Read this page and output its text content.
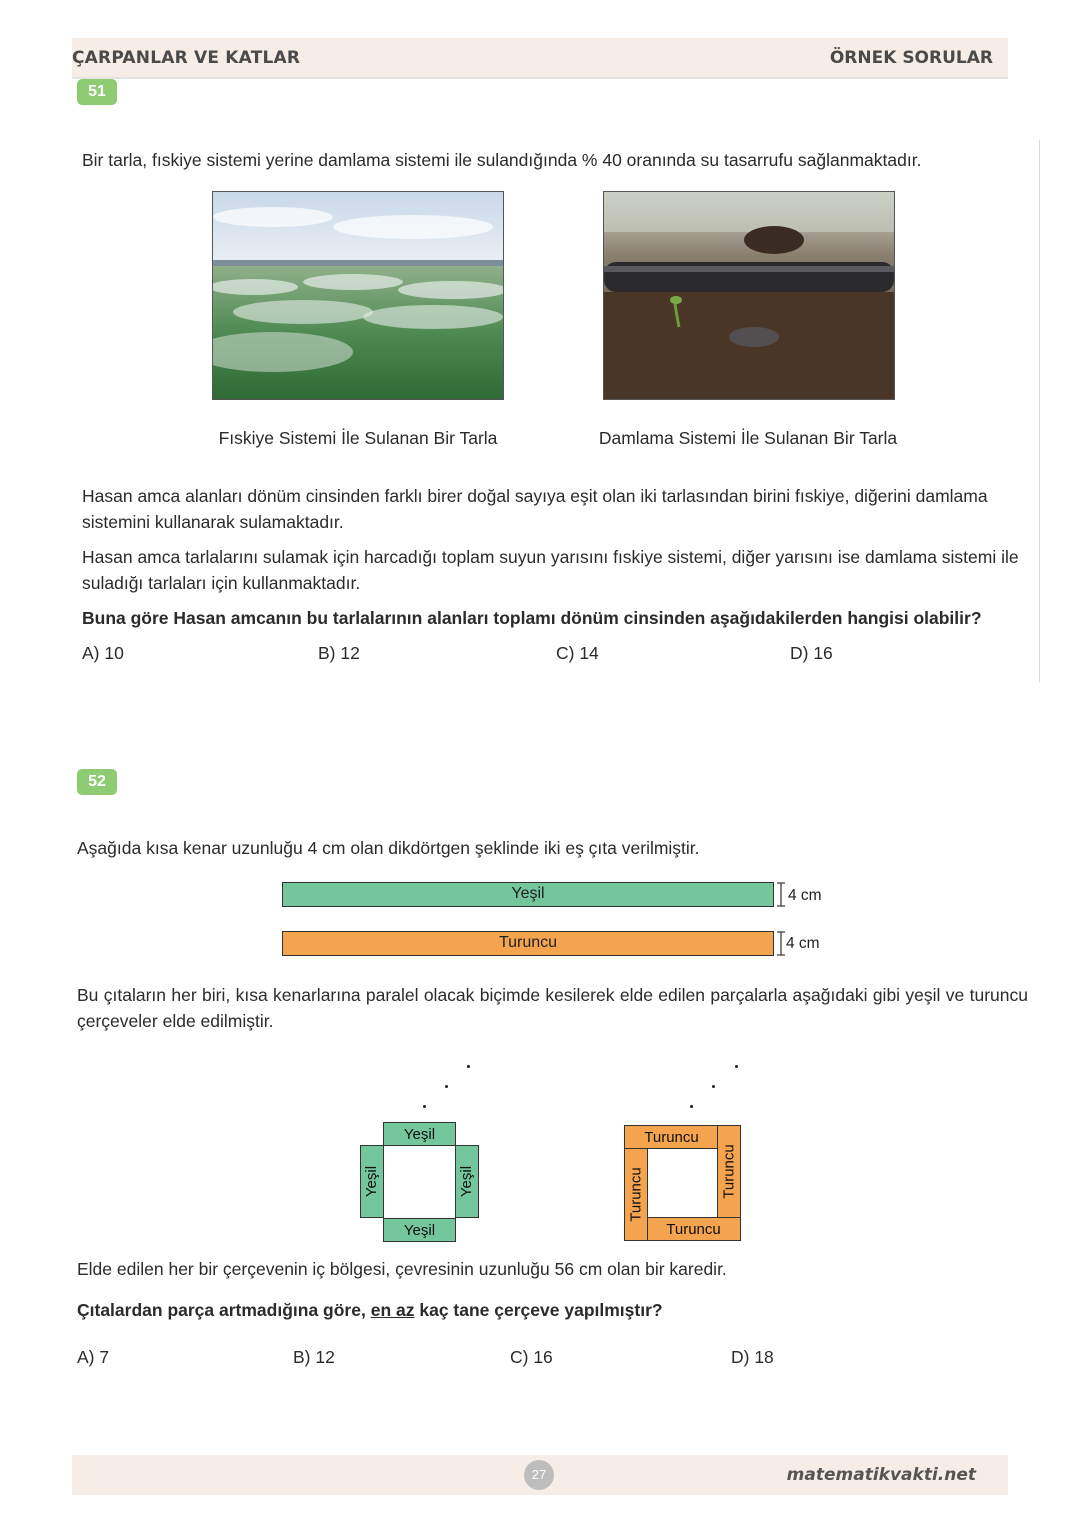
ÇARPANLAR VE KATLAR	ÖRNEK SORULAR
51
Bir tarla, fıskiye sistemi yerine damlama sistemi ile sulandığında % 40 oranında su tasarrufu sağlanmaktadır.
Fıskiye Sistemi İle Sulanan Bir Tarla	Damlama Sistemi İle Sulanan Bir Tarla
Hasan amca alanları dönüm cinsinden farklı birer doğal sayıya eşit olan iki tarlasından birini fıskiye, diğerini damlama sistemini kullanarak sulamaktadır.
Hasan amca tarlalarını sulamak için harcadığı toplam suyun yarısını fıskiye sistemi, diğer yarısını ise damlama sistemi ile suladığı tarlaları için kullanmaktadır.
Buna göre Hasan amcanın bu tarlalarının alanları toplamı dönüm cinsinden aşağıdakilerden hangisi olabilir?
A) 10	B) 12	C) 14	D) 16
52
Aşağıda kısa kenar uzunluğu 4 cm olan dikdörtgen şeklinde iki eş çıta verilmiştir.
Yeşil
Turuncu
4 cm
4 cm
Bu çıtaların her biri, kısa kenarlarına paralel olacak biçimde kesilerek elde edilen parçalarla aşağıdaki gibi yeşil ve turuncu çerçeveler elde edilmiştir.
Yeşil
Yeşil
Yeşil	Yeşil
Turuncu
Turuncu
Turuncu	Turuncu
Elde edilen her bir çerçevenin iç bölgesi, çevresinin uzunluğu 56 cm olan bir karedir.
Çıtalardan parça artmadığına göre, en az kaç tane çerçeve yapılmıştır?
A) 7	B) 12	C) 16	D) 18
27	matematikvakti.net
